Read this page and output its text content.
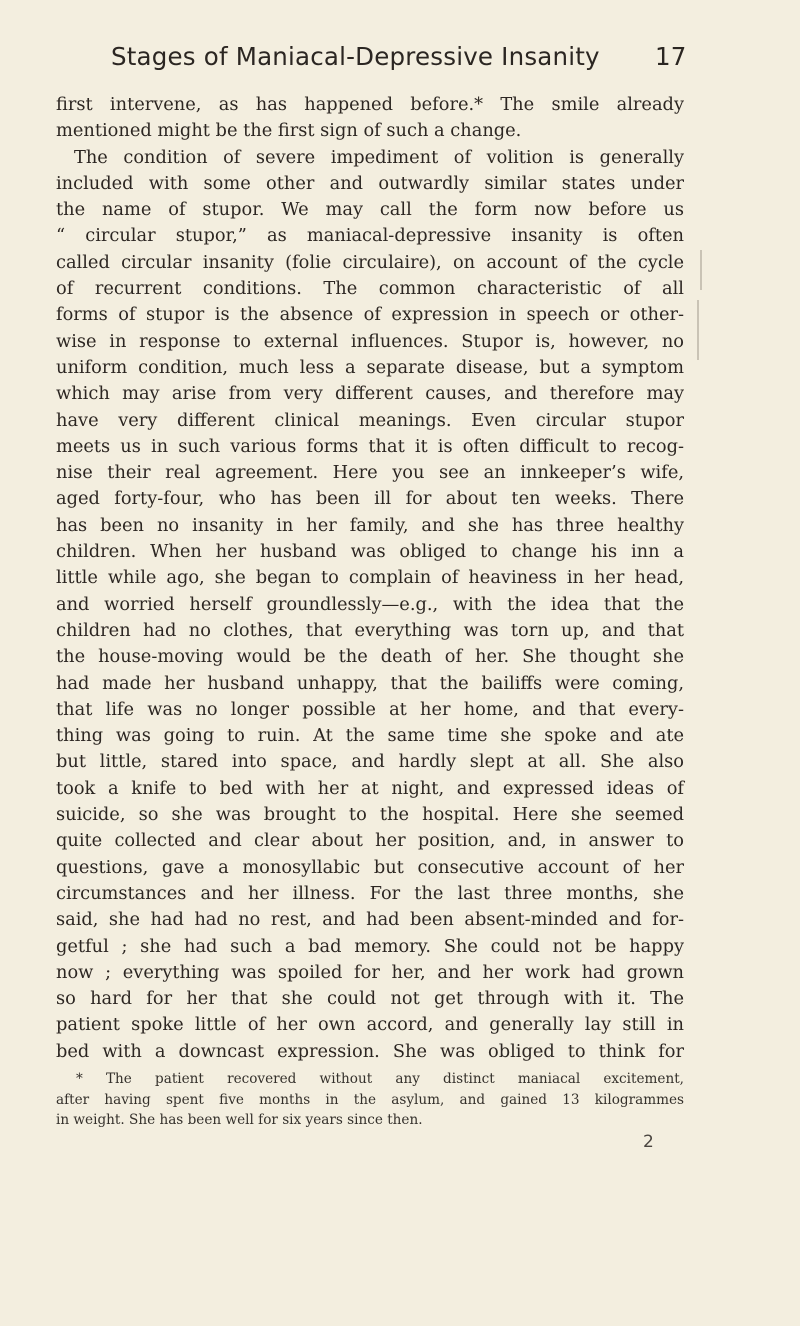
Stages of Maniacal-Depressive Insanity 17
first intervene, as has happened before.* The smile already
mentioned might be the first sign of such a change.
The condition of severe impediment of volition is generally
included with some other and outwardly similar states under
the name of stupor. We may call the form now before us
“ circular stupor,” as maniacal-depressive insanity is often
called circular insanity (folie circulaire), on account of the cycle
of recurrent conditions. The common characteristic of all
forms of stupor is the absence of expression in speech or other-
wise in response to external influences. Stupor is, however, no
uniform condition, much less a separate disease, but a symptom
which may arise from very different causes, and therefore may
have very different clinical meanings. Even circular stupor
meets us in such various forms that it is often difficult to recog-
nise their real agreement. Here you see an innkeeper’s wife,
aged forty-four, who has been ill for about ten weeks. There
has been no insanity in her family, and she has three healthy
children. When her husband was obliged to change his inn a
little while ago, she began to complain of heaviness in her head,
and worried herself groundlessly—e.g., with the idea that the
children had no clothes, that everything was torn up, and that
the house-moving would be the death of her. She thought she
had made her husband unhappy, that the bailiffs were coming,
that life was no longer possible at her home, and that every-
thing was going to ruin. At the same time she spoke and ate
but little, stared into space, and hardly slept at all. She also
took a knife to bed with her at night, and expressed ideas of
suicide, so she was brought to the hospital. Here she seemed
quite collected and clear about her position, and, in answer to
questions, gave a monosyllabic but consecutive account of her
circumstances and her illness. For the last three months, she
said, she had had no rest, and had been absent-minded and for-
getful ; she had such a bad memory. She could not be happy
now ; everything was spoiled for her, and her work had grown
so hard for her that she could not get through with it. The
patient spoke little of her own accord, and generally lay still in
bed with a downcast expression. She was obliged to think for
* The patient recovered without any distinct maniacal excitement,
after having spent five months in the asylum, and gained 13 kilogrammes
in weight. She has been well for six years since then.
2
